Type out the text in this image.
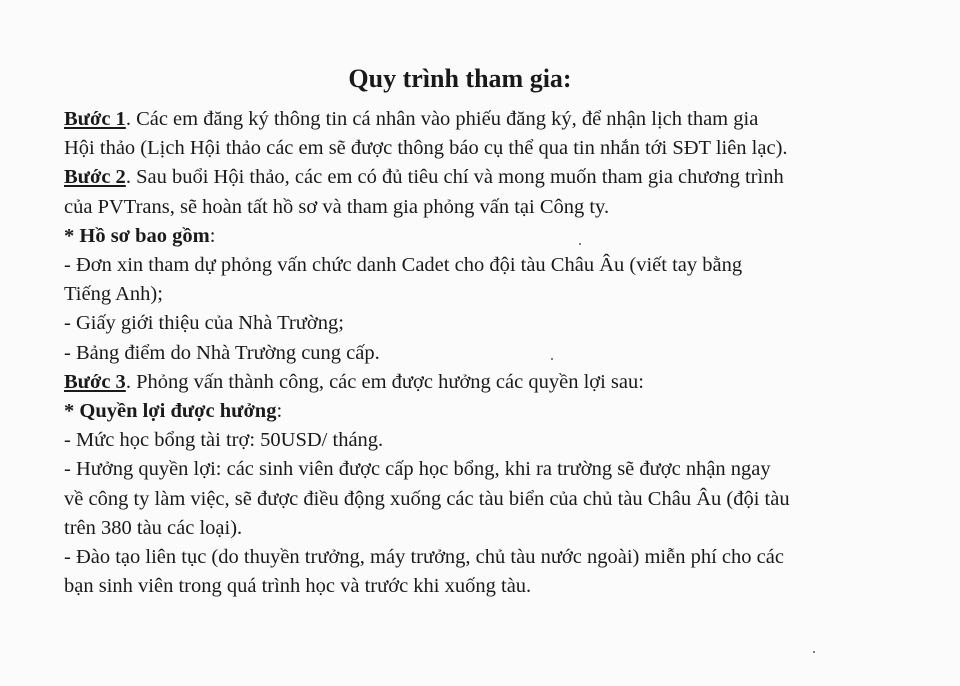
Quy trình tham gia:
Bước 1. Các em đăng ký thông tin cá nhân vào phiếu đăng ký, để nhận lịch tham gia
Hội thảo (Lịch Hội thảo các em sẽ được thông báo cụ thể qua tin nhắn tới SĐT liên lạc).
Bước 2. Sau buổi Hội thảo, các em có đủ tiêu chí và mong muốn tham gia chương trình
của PVTrans, sẽ hoàn tất hồ sơ và tham gia phỏng vấn tại Công ty.
* Hồ sơ bao gồm:
- Đơn xin tham dự phỏng vấn chức danh Cadet cho đội tàu Châu Âu (viết tay bằng
Tiếng Anh);
- Giấy giới thiệu của Nhà Trường;
- Bảng điểm do Nhà Trường cung cấp.
Bước 3. Phỏng vấn thành công, các em được hưởng các quyền lợi sau:
* Quyền lợi được hưởng:
- Mức học bổng tài trợ: 50USD/ tháng.
- Hưởng quyền lợi: các sinh viên được cấp học bổng, khi ra trường sẽ được nhận ngay
về công ty làm việc, sẽ được điều động xuống các tàu biển của chủ tàu Châu Âu (đội tàu
trên 380 tàu các loại).
- Đào tạo liên tục (do thuyền trưởng, máy trưởng, chủ tàu nước ngoài) miễn phí cho các
bạn sinh viên trong quá trình học và trước khi xuống tàu.
